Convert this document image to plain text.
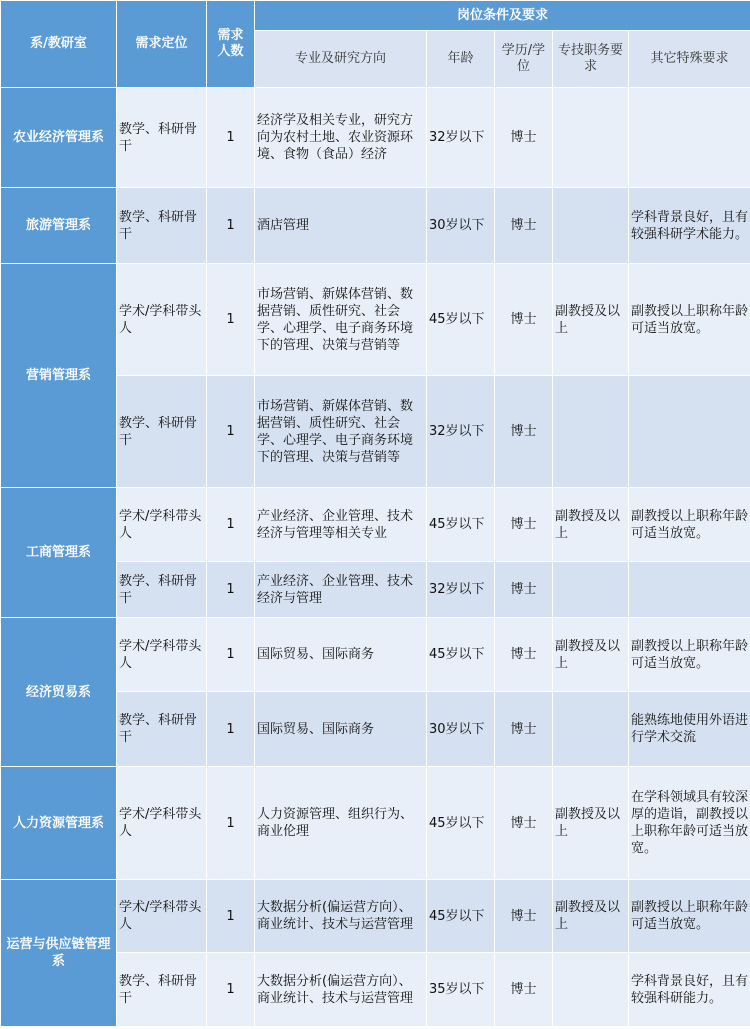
系/教研室	需求定位	需求人数	岗位条件及要求				
			专业及研究方向	年龄	学历/学位	专技职务要求	其它特殊要求
农业经济管理系	教学、科研骨干	1	经济学及相关专业，研究方向为农村土地、农业资源环境、食物（食品）经济	32岁以下	博士		
旅游管理系	教学、科研骨干	1	酒店管理	30岁以下	博士		学科背景良好，且有较强科研学术能力。
营销管理系	学术/学科带头人	1	市场营销、新媒体营销、数据营销、质性研究、社会学、心理学、电子商务环境下的管理、决策与营销等	45岁以下	博士	副教授及以上	副教授以上职称年龄可适当放宽。
	教学、科研骨干	1	市场营销、新媒体营销、数据营销、质性研究、社会学、心理学、电子商务环境下的管理、决策与营销等	32岁以下	博士		
工商管理系	学术/学科带头人	1	产业经济、企业管理、技术经济与管理等相关专业	45岁以下	博士	副教授及以上	副教授以上职称年龄可适当放宽。
	教学、科研骨干	1	产业经济、企业管理、技术经济与管理	32岁以下	博士		
经济贸易系	学术/学科带头人	1	国际贸易、国际商务	45岁以下	博士	副教授及以上	副教授以上职称年龄可适当放宽。
	教学、科研骨干	1	国际贸易、国际商务	30岁以下	博士		能熟练地使用外语进行学术交流
人力资源管理系	学术/学科带头人	1	人力资源管理、组织行为、商业伦理	45岁以下	博士	副教授及以上	在学科领域具有较深厚的造诣，副教授以上职称年龄可适当放宽。
运营与供应链管理系	学术/学科带头人	1	大数据分析(偏运营方向）、商业统计、技术与运营管理	45岁以下	博士	副教授及以上	副教授以上职称年龄可适当放宽。
	教学、科研骨干	1	大数据分析(偏运营方向）、商业统计、技术与运营管理	35岁以下	博士		学科背景良好，且有较强科研能力。
